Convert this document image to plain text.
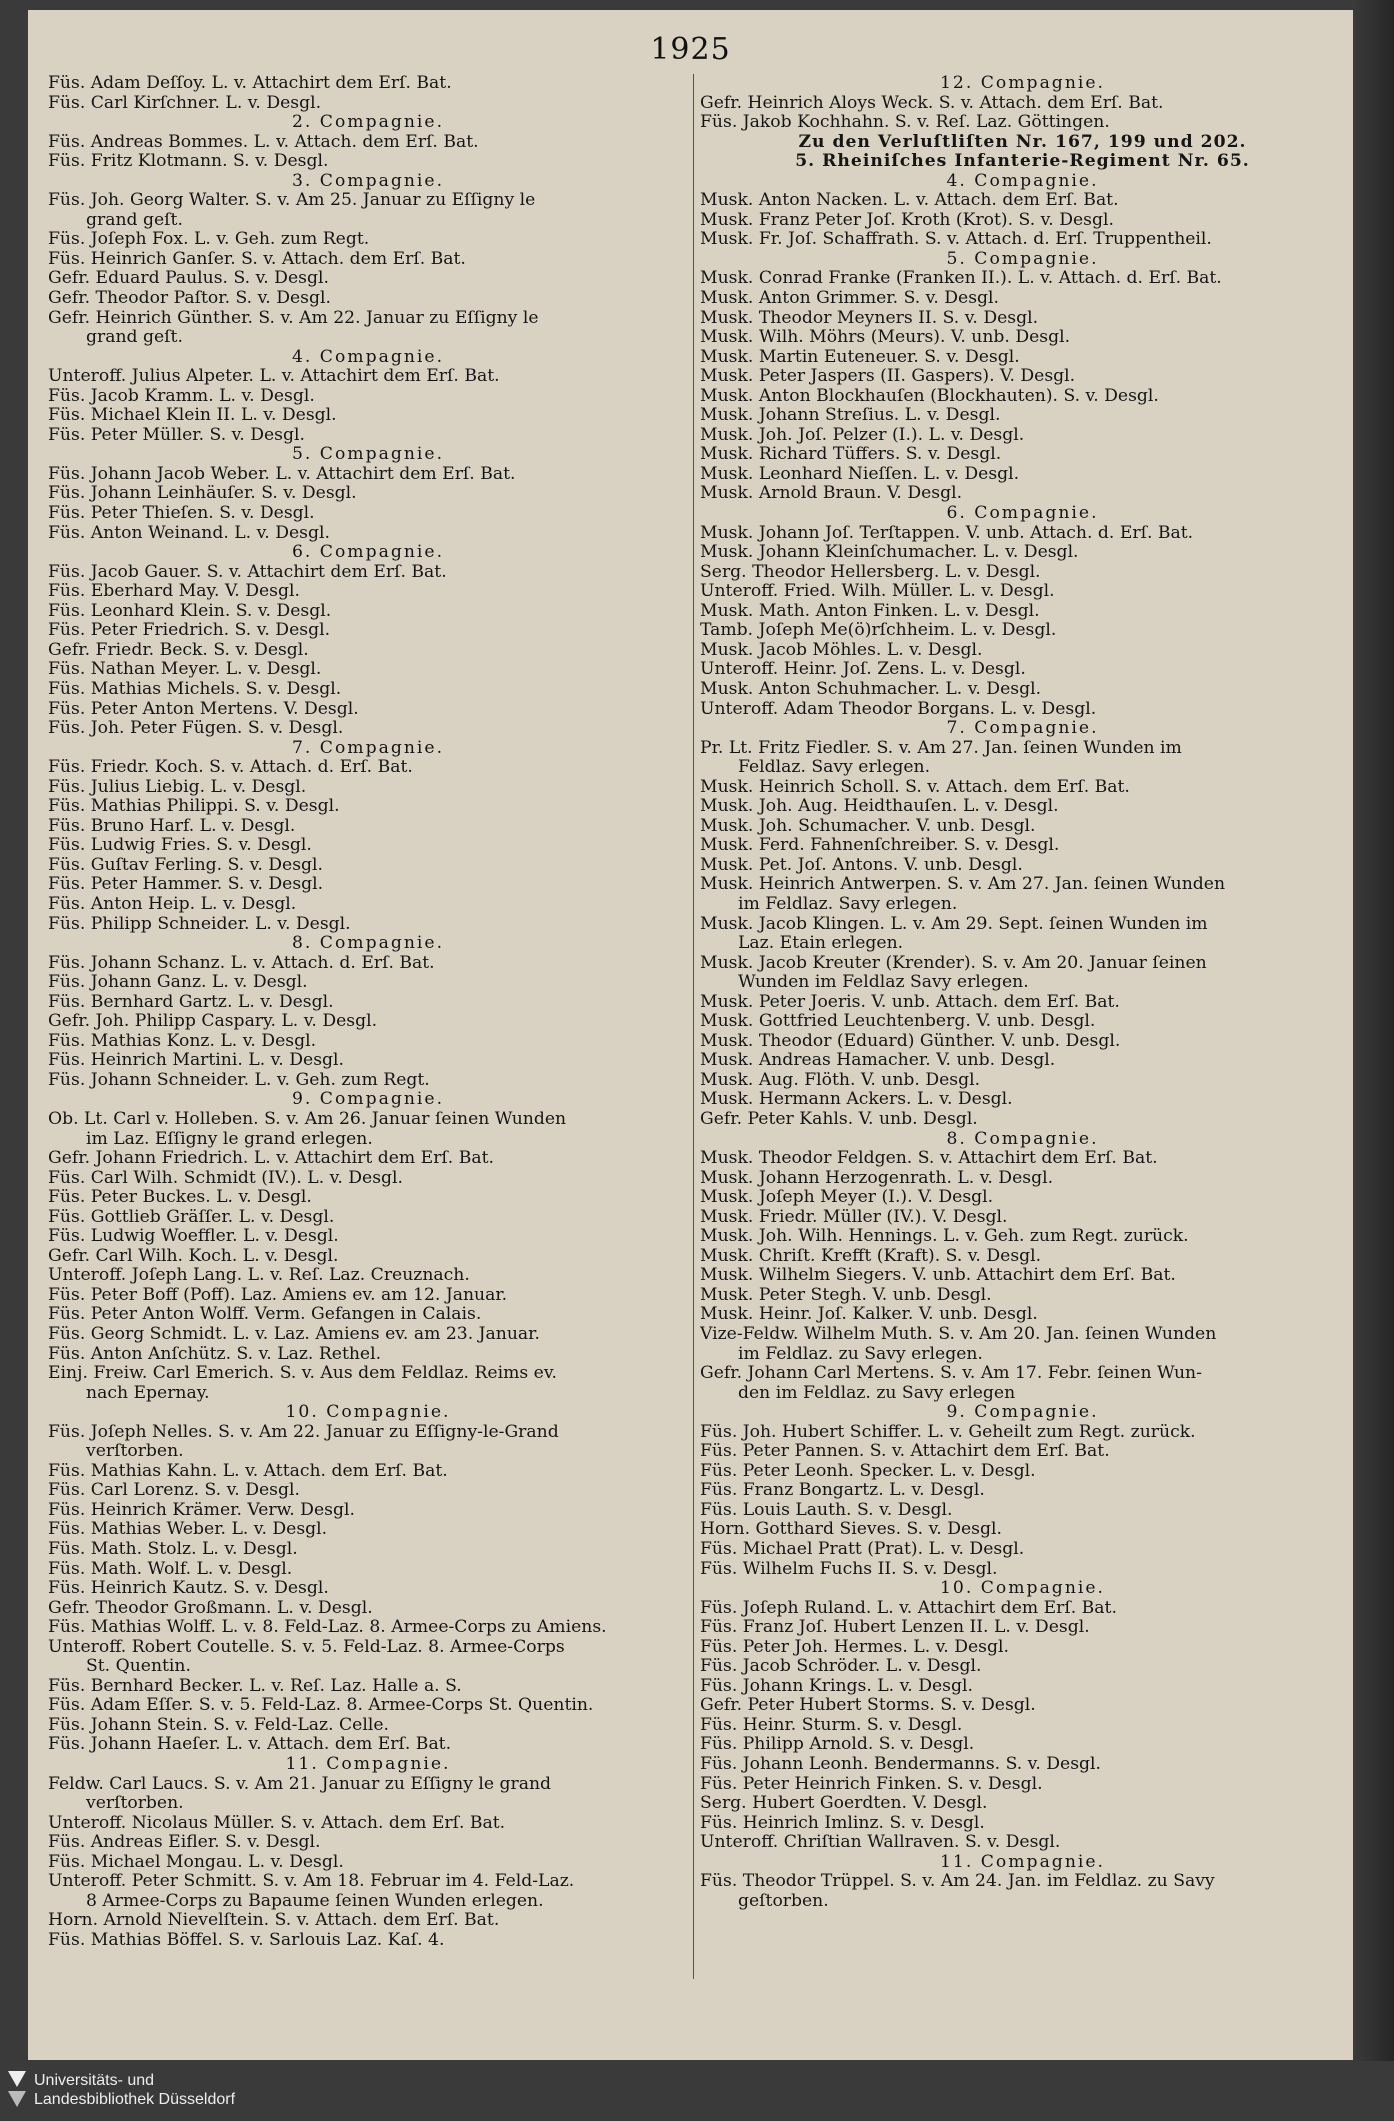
1925
Füs. Adam Deſſoy. L. v. Attachirt dem Erſ. Bat.
Füs. Carl Kirſchner. L. v. Desgl.
2. Compagnie.
Füs. Andreas Bommes. L. v. Attach. dem Erſ. Bat.
Füs. Fritz Klotmann. S. v. Desgl.
3. Compagnie.
Füs. Joh. Georg Walter. S. v. Am 25. Januar zu Eſſigny le
grand geſt.
Füs. Joſeph Fox. L. v. Geh. zum Regt.
Füs. Heinrich Ganſer. S. v. Attach. dem Erſ. Bat.
Gefr. Eduard Paulus. S. v. Desgl.
Gefr. Theodor Paſtor. S. v. Desgl.
Gefr. Heinrich Günther. S. v. Am 22. Januar zu Eſſigny le
grand geſt.
4. Compagnie.
Unteroff. Julius Alpeter. L. v. Attachirt dem Erſ. Bat.
Füs. Jacob Kramm. L. v. Desgl.
Füs. Michael Klein II. L. v. Desgl.
Füs. Peter Müller. S. v. Desgl.
5. Compagnie.
Füs. Johann Jacob Weber. L. v. Attachirt dem Erſ. Bat.
Füs. Johann Leinhäuſer. S. v. Desgl.
Füs. Peter Thieſen. S. v. Desgl.
Füs. Anton Weinand. L. v. Desgl.
6. Compagnie.
Füs. Jacob Gauer. S. v. Attachirt dem Erſ. Bat.
Füs. Eberhard May. V. Desgl.
Füs. Leonhard Klein. S. v. Desgl.
Füs. Peter Friedrich. S. v. Desgl.
Gefr. Friedr. Beck. S. v. Desgl.
Füs. Nathan Meyer. L. v. Desgl.
Füs. Mathias Michels. S. v. Desgl.
Füs. Peter Anton Mertens. V. Desgl.
Füs. Joh. Peter Fügen. S. v. Desgl.
7. Compagnie.
Füs. Friedr. Koch. S. v. Attach. d. Erſ. Bat.
Füs. Julius Liebig. L. v. Desgl.
Füs. Mathias Philippi. S. v. Desgl.
Füs. Bruno Harf. L. v. Desgl.
Füs. Ludwig Fries. S. v. Desgl.
Füs. Guſtav Ferling. S. v. Desgl.
Füs. Peter Hammer. S. v. Desgl.
Füs. Anton Heip. L. v. Desgl.
Füs. Philipp Schneider. L. v. Desgl.
8. Compagnie.
Füs. Johann Schanz. L. v. Attach. d. Erſ. Bat.
Füs. Johann Ganz. L. v. Desgl.
Füs. Bernhard Gartz. L. v. Desgl.
Gefr. Joh. Philipp Caspary. L. v. Desgl.
Füs. Mathias Konz. L. v. Desgl.
Füs. Heinrich Martini. L. v. Desgl.
Füs. Johann Schneider. L. v. Geh. zum Regt.
9. Compagnie.
Ob. Lt. Carl v. Holleben. S. v. Am 26. Januar ſeinen Wunden
im Laz. Eſſigny le grand erlegen.
Gefr. Johann Friedrich. L. v. Attachirt dem Erſ. Bat.
Füs. Carl Wilh. Schmidt (IV.). L. v. Desgl.
Füs. Peter Buckes. L. v. Desgl.
Füs. Gottlieb Gräſſer. L. v. Desgl.
Füs. Ludwig Woeffler. L. v. Desgl.
Gefr. Carl Wilh. Koch. L. v. Desgl.
Unteroff. Joſeph Lang. L. v. Reſ. Laz. Creuznach.
Füs. Peter Boff (Poff). Laz. Amiens ev. am 12. Januar.
Füs. Peter Anton Wolff. Verm. Gefangen in Calais.
Füs. Georg Schmidt. L. v. Laz. Amiens ev. am 23. Januar.
Füs. Anton Anſchütz. S. v. Laz. Rethel.
Einj. Freiw. Carl Emerich. S. v. Aus dem Feldlaz. Reims ev.
nach Epernay.
10. Compagnie.
Füs. Joſeph Nelles. S. v. Am 22. Januar zu Eſſigny-le-Grand
verſtorben.
Füs. Mathias Kahn. L. v. Attach. dem Erſ. Bat.
Füs. Carl Lorenz. S. v. Desgl.
Füs. Heinrich Krämer. Verw. Desgl.
Füs. Mathias Weber. L. v. Desgl.
Füs. Math. Stolz. L. v. Desgl.
Füs. Math. Wolf. L. v. Desgl.
Füs. Heinrich Kautz. S. v. Desgl.
Gefr. Theodor Großmann. L. v. Desgl.
Füs. Mathias Wolff. L. v. 8. Feld-Laz. 8. Armee-Corps zu Amiens.
Unteroff. Robert Coutelle. S. v. 5. Feld-Laz. 8. Armee-Corps
St. Quentin.
Füs. Bernhard Becker. L. v. Reſ. Laz. Halle a. S.
Füs. Adam Eſſer. S. v. 5. Feld-Laz. 8. Armee-Corps St. Quentin.
Füs. Johann Stein. S. v. Feld-Laz. Celle.
Füs. Johann Haeſer. L. v. Attach. dem Erſ. Bat.
11. Compagnie.
Feldw. Carl Laucs. S. v. Am 21. Januar zu Eſſigny le grand
verſtorben.
Unteroff. Nicolaus Müller. S. v. Attach. dem Erſ. Bat.
Füs. Andreas Eifler. S. v. Desgl.
Füs. Michael Mongau. L. v. Desgl.
Unteroff. Peter Schmitt. S. v. Am 18. Februar im 4. Feld-Laz.
8 Armee-Corps zu Bapaume ſeinen Wunden erlegen.
Horn. Arnold Nievelſtein. S. v. Attach. dem Erſ. Bat.
Füs. Mathias Böffel. S. v. Sarlouis Laz. Kaſ. 4.
12. Compagnie.
Gefr. Heinrich Aloys Weck. S. v. Attach. dem Erſ. Bat.
Füs. Jakob Kochhahn. S. v. Reſ. Laz. Göttingen.
Zu den Verluſtliſten Nr. 167, 199 und 202.
5. Rheiniſches Infanterie-Regiment Nr. 65.
4. Compagnie.
Musk. Anton Nacken. L. v. Attach. dem Erſ. Bat.
Musk. Franz Peter Joſ. Kroth (Krot). S. v. Desgl.
Musk. Fr. Joſ. Schaffrath. S. v. Attach. d. Erſ. Truppentheil.
5. Compagnie.
Musk. Conrad Franke (Franken II.). L. v. Attach. d. Erſ. Bat.
Musk. Anton Grimmer. S. v. Desgl.
Musk. Theodor Meyners II. S. v. Desgl.
Musk. Wilh. Möhrs (Meurs). V. unb. Desgl.
Musk. Martin Euteneuer. S. v. Desgl.
Musk. Peter Jaspers (II. Gaspers). V. Desgl.
Musk. Anton Blockhauſen (Blockhauten). S. v. Desgl.
Musk. Johann Streſius. L. v. Desgl.
Musk. Joh. Joſ. Pelzer (I.). L. v. Desgl.
Musk. Richard Tüffers. S. v. Desgl.
Musk. Leonhard Nieſſen. L. v. Desgl.
Musk. Arnold Braun. V. Desgl.
6. Compagnie.
Musk. Johann Joſ. Terſtappen. V. unb. Attach. d. Erſ. Bat.
Musk. Johann Kleinſchumacher. L. v. Desgl.
Serg. Theodor Hellersberg. L. v. Desgl.
Unteroff. Fried. Wilh. Müller. L. v. Desgl.
Musk. Math. Anton Finken. L. v. Desgl.
Tamb. Joſeph Me(ö)rſchheim. L. v. Desgl.
Musk. Jacob Möhles. L. v. Desgl.
Unteroff. Heinr. Joſ. Zens. L. v. Desgl.
Musk. Anton Schuhmacher. L. v. Desgl.
Unteroff. Adam Theodor Borgans. L. v. Desgl.
7. Compagnie.
Pr. Lt. Fritz Fiedler. S. v. Am 27. Jan. ſeinen Wunden im
Feldlaz. Savy erlegen.
Musk. Heinrich Scholl. S. v. Attach. dem Erſ. Bat.
Musk. Joh. Aug. Heidthauſen. L. v. Desgl.
Musk. Joh. Schumacher. V. unb. Desgl.
Musk. Ferd. Fahnenſchreiber. S. v. Desgl.
Musk. Pet. Joſ. Antons. V. unb. Desgl.
Musk. Heinrich Antwerpen. S. v. Am 27. Jan. ſeinen Wunden
im Feldlaz. Savy erlegen.
Musk. Jacob Klingen. L. v. Am 29. Sept. ſeinen Wunden im
Laz. Etain erlegen.
Musk. Jacob Kreuter (Krender). S. v. Am 20. Januar ſeinen
Wunden im Feldlaz Savy erlegen.
Musk. Peter Joeris. V. unb. Attach. dem Erſ. Bat.
Musk. Gottfried Leuchtenberg. V. unb. Desgl.
Musk. Theodor (Eduard) Günther. V. unb. Desgl.
Musk. Andreas Hamacher. V. unb. Desgl.
Musk. Aug. Flöth. V. unb. Desgl.
Musk. Hermann Ackers. L. v. Desgl.
Gefr. Peter Kahls. V. unb. Desgl.
8. Compagnie.
Musk. Theodor Feldgen. S. v. Attachirt dem Erſ. Bat.
Musk. Johann Herzogenrath. L. v. Desgl.
Musk. Joſeph Meyer (I.). V. Desgl.
Musk. Friedr. Müller (IV.). V. Desgl.
Musk. Joh. Wilh. Hennings. L. v. Geh. zum Regt. zurück.
Musk. Chriſt. Krefft (Kraft). S. v. Desgl.
Musk. Wilhelm Siegers. V. unb. Attachirt dem Erſ. Bat.
Musk. Peter Stegh. V. unb. Desgl.
Musk. Heinr. Joſ. Kalker. V. unb. Desgl.
Vize-Feldw. Wilhelm Muth. S. v. Am 20. Jan. ſeinen Wunden
im Feldlaz. zu Savy erlegen.
Gefr. Johann Carl Mertens. S. v. Am 17. Febr. ſeinen Wun-
den im Feldlaz. zu Savy erlegen
9. Compagnie.
Füs. Joh. Hubert Schiffer. L. v. Geheilt zum Regt. zurück.
Füs. Peter Pannen. S. v. Attachirt dem Erſ. Bat.
Füs. Peter Leonh. Specker. L. v. Desgl.
Füs. Franz Bongartz. L. v. Desgl.
Füs. Louis Lauth. S. v. Desgl.
Horn. Gotthard Sieves. S. v. Desgl.
Füs. Michael Pratt (Prat). L. v. Desgl.
Füs. Wilhelm Fuchs II. S. v. Desgl.
10. Compagnie.
Füs. Joſeph Ruland. L. v. Attachirt dem Erſ. Bat.
Füs. Franz Joſ. Hubert Lenzen II. L. v. Desgl.
Füs. Peter Joh. Hermes. L. v. Desgl.
Füs. Jacob Schröder. L. v. Desgl.
Füs. Johann Krings. L. v. Desgl.
Gefr. Peter Hubert Storms. S. v. Desgl.
Füs. Heinr. Sturm. S. v. Desgl.
Füs. Philipp Arnold. S. v. Desgl.
Füs. Johann Leonh. Bendermanns. S. v. Desgl.
Füs. Peter Heinrich Finken. S. v. Desgl.
Serg. Hubert Goerdten. V. Desgl.
Füs. Heinrich Imlinz. S. v. Desgl.
Unteroff. Chriſtian Wallraven. S. v. Desgl.
11. Compagnie.
Füs. Theodor Trüppel. S. v. Am 24. Jan. im Feldlaz. zu Savy
geſtorben.
Universitäts- und
Landesbibliothek Düsseldorf
